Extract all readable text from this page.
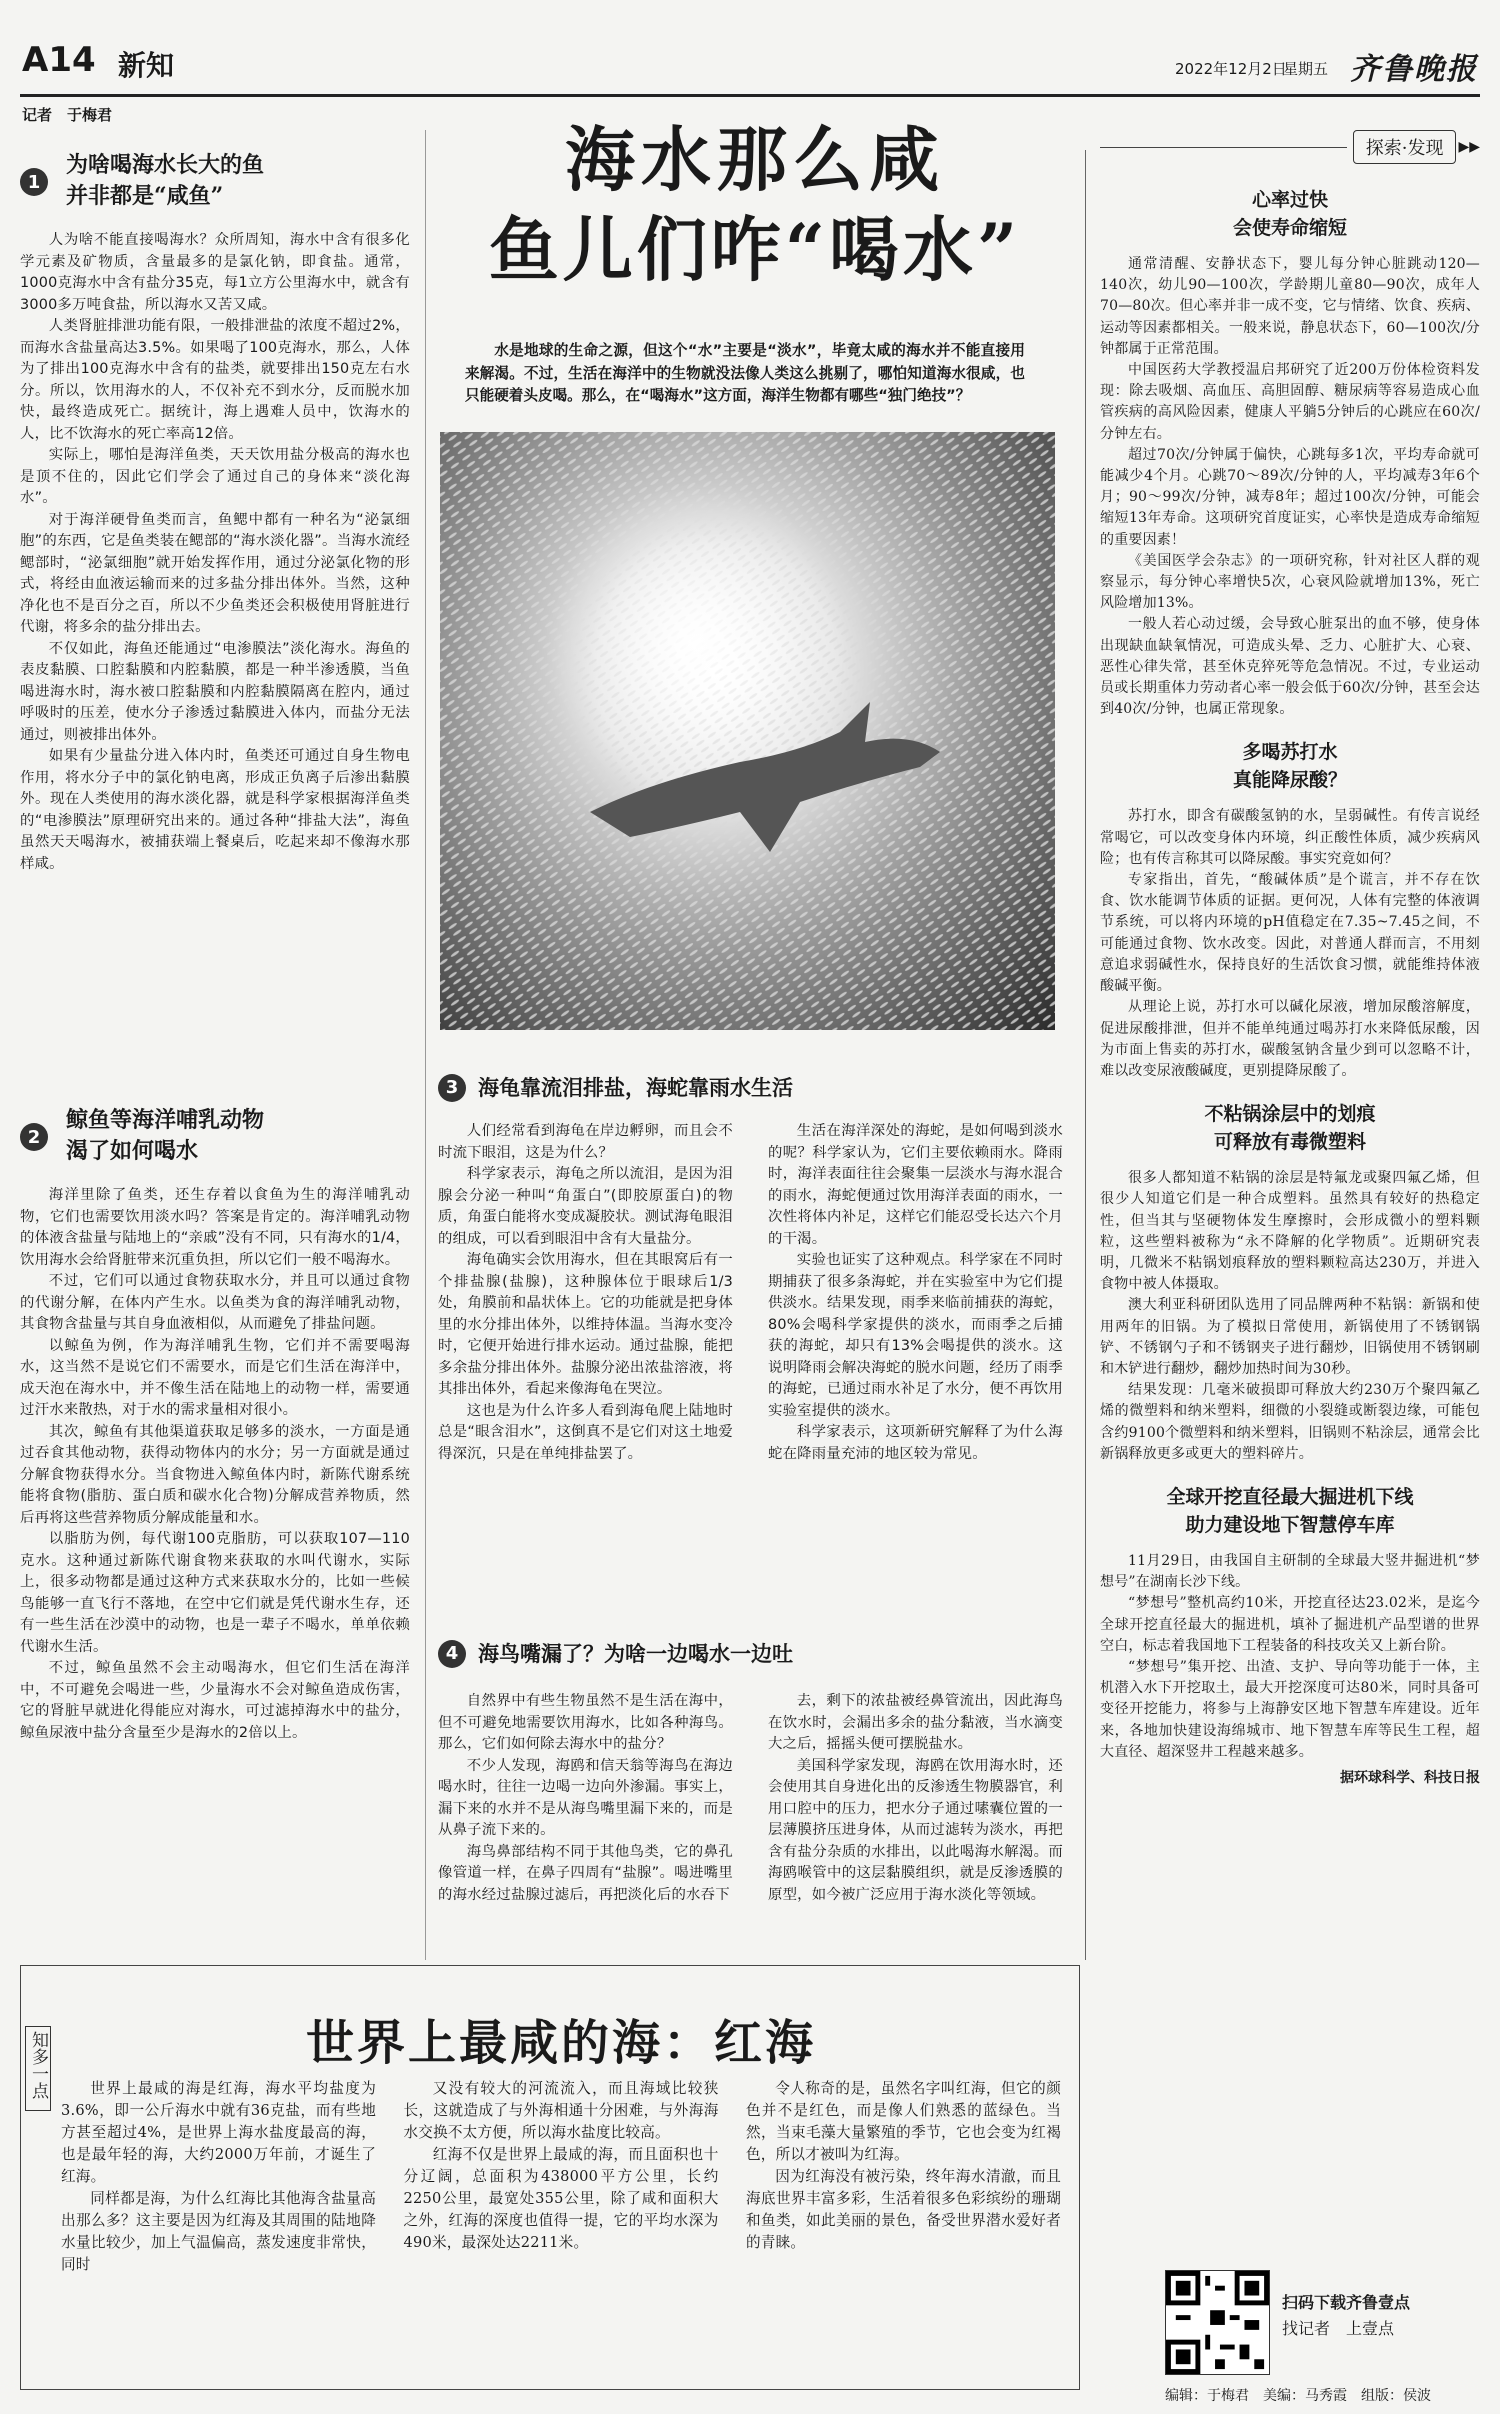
A14 新知	2022年12月2日
星期五 齐鲁晚报
记者　于梅君
1
为啥喝海水长大的鱼
并非都是“咸鱼”

人为啥不能直接喝海水？众所周知，海水中含有很多化学元素及矿物质，含量最多的是氯化钠，即食盐。通常，1000克海水中含有盐分35克，每1立方公里海水中，就含有3000多万吨食盐，所以海水又苦又咸。

人类肾脏排泄功能有限，一般排泄盐的浓度不超过2%，而海水含盐量高达3.5%。如果喝了100克海水，那么，人体为了排出100克海水中含有的盐类，就要排出150克左右水分。所以，饮用海水的人，不仅补充不到水分，反而脱水加快，最终造成死亡。据统计，海上遇难人员中，饮海水的人，比不饮海水的死亡率高12倍。

实际上，哪怕是海洋鱼类，天天饮用盐分极高的海水也是顶不住的，因此它们学会了通过自己的身体来“淡化海水”。

对于海洋硬骨鱼类而言，鱼鳃中都有一种名为“泌氯细胞”的东西，它是鱼类装在鳃部的“海水淡化器”。当海水流经鳃部时，“泌氯细胞”就开始发挥作用，通过分泌氯化物的形式，将经由血液运输而来的过多盐分排出体外。当然，这种净化也不是百分之百，所以不少鱼类还会积极使用肾脏进行代谢，将多余的盐分排出去。

不仅如此，海鱼还能通过“电渗膜法”淡化海水。海鱼的表皮黏膜、口腔黏膜和内腔黏膜，都是一种半渗透膜，当鱼喝进海水时，海水被口腔黏膜和内腔黏膜隔离在腔内，通过呼吸时的压差，使水分子渗透过黏膜进入体内，而盐分无法通过，则被排出体外。

如果有少量盐分进入体内时，鱼类还可通过自身生物电作用，将水分子中的氯化钠电离，形成正负离子后渗出黏膜外。现在人类使用的海水淡化器，就是科学家根据海洋鱼类的“电渗膜法”原理研究出来的。通过各种“排盐大法”，海鱼虽然天天喝海水，被捕获端上餐桌后，吃起来却不像海水那样咸。

2
鲸鱼等海洋哺乳动物
渴了如何喝水

海洋里除了鱼类，还生存着以食鱼为生的海洋哺乳动物，它们也需要饮用淡水吗？答案是肯定的。海洋哺乳动物的体液含盐量与陆地上的“亲戚”没有不同，只有海水的1/4，饮用海水会给肾脏带来沉重负担，所以它们一般不喝海水。

不过，它们可以通过食物获取水分，并且可以通过食物的代谢分解，在体内产生水。以鱼类为食的海洋哺乳动物，其食物含盐量与其自身血液相似，从而避免了排盐问题。

以鲸鱼为例，作为海洋哺乳生物，它们并不需要喝海水，这当然不是说它们不需要水，而是它们生活在海洋中，成天泡在海水中，并不像生活在陆地上的动物一样，需要通过汗水来散热，对于水的需求量相对很小。

其次，鲸鱼有其他渠道获取足够多的淡水，一方面是通过吞食其他动物，获得动物体内的水分；另一方面就是通过分解食物获得水分。当食物进入鲸鱼体内时，新陈代谢系统能将食物(脂肪、蛋白质和碳水化合物)分解成营养物质，然后再将这些营养物质分解成能量和水。

以脂肪为例，每代谢100克脂肪，可以获取107—110克水。这种通过新陈代谢食物来获取的水叫代谢水，实际上，很多动物都是通过这种方式来获取水分的，比如一些候鸟能够一直飞行不落地，在空中它们就是凭代谢水生存，还有一些生活在沙漠中的动物，也是一辈子不喝水，单单依赖代谢水生活。

不过，鲸鱼虽然不会主动喝海水，但它们生活在海洋中，不可避免会喝进一些，少量海水不会对鲸鱼造成伤害，它的肾脏早就进化得能应对海水，可过滤掉海水中的盐分，鲸鱼尿液中盐分含量至少是海水的2倍以上。

海水那么咸
鱼儿们咋“喝水”

水是地球的生命之源，但这个“水”主要是“淡水”，毕竟太咸的海水并不能直接用来解渴。不过，生活在海洋中的生物就没法像人类这么挑剔了，哪怕知道海水很咸，也只能硬着头皮喝。那么，在“喝海水”这方面，海洋生物都有哪些“独门绝技”？

3 海龟靠流泪排盐，海蛇靠雨水生活

人们经常看到海龟在岸边孵卵，而且会不时流下眼泪，这是为什么？

科学家表示，海龟之所以流泪，是因为泪腺会分泌一种叫“角蛋白”(即胶原蛋白)的物质，角蛋白能将水变成凝胶状。测试海龟眼泪的组成，可以看到眼泪中含有大量盐分。

海龟确实会饮用海水，但在其眼窝后有一个排盐腺(盐腺)，这种腺体位于眼球后1/3处，角膜前和晶状体上。它的功能就是把身体里的水分排出体外，以维持体温。当海水变冷时，它便开始进行排水运动。通过盐腺，能把多余盐分排出体外。盐腺分泌出浓盐溶液，将其排出体外，看起来像海龟在哭泣。

这也是为什么许多人看到海龟爬上陆地时总是“眼含泪水”，这倒真不是它们对这土地爱得深沉，只是在单纯排盐罢了。

生活在海洋深处的海蛇，是如何喝到淡水的呢？科学家认为，它们主要依赖雨水。降雨时，海洋表面往往会聚集一层淡水与海水混合的雨水，海蛇便通过饮用海洋表面的雨水，一次性将体内补足，这样它们能忍受长达六个月的干渴。

实验也证实了这种观点。科学家在不同时期捕获了很多条海蛇，并在实验室中为它们提供淡水。结果发现，雨季来临前捕获的海蛇，80%会喝科学家提供的淡水，而雨季之后捕获的海蛇，却只有13%会喝提供的淡水。这说明降雨会解决海蛇的脱水问题，经历了雨季的海蛇，已通过雨水补足了水分，便不再饮用实验室提供的淡水。

科学家表示，这项新研究解释了为什么海蛇在降雨量充沛的地区较为常见。

4 海鸟嘴漏了？为啥一边喝水一边吐

自然界中有些生物虽然不是生活在海中，但不可避免地需要饮用海水，比如各种海鸟。那么，它们如何除去海水中的盐分？

不少人发现，海鸥和信天翁等海鸟在海边喝水时，往往一边喝一边向外渗漏。事实上，漏下来的水并不是从海鸟嘴里漏下来的，而是从鼻子流下来的。

海鸟鼻部结构不同于其他鸟类，它的鼻孔像管道一样，在鼻子四周有“盐腺”。喝进嘴里的海水经过盐腺过滤后，再把淡化后的水吞下

去，剩下的浓盐被经鼻管流出，因此海鸟在饮水时，会漏出多余的盐分黏液，当水滴变大之后，摇摇头便可摆脱盐水。

美国科学家发现，海鸥在饮用海水时，还会使用其自身进化出的反渗透生物膜器官，利用口腔中的压力，把水分子通过嗉囊位置的一层薄膜挤压进身体，从而过滤转为淡水，再把含有盐分杂质的水排出，以此喝海水解渴。而海鸥喉管中的这层黏膜组织，就是反渗透膜的原型，如今被广泛应用于海水淡化等领域。

探索·发现	▶▶
心率过快
会使寿命缩短

通常清醒、安静状态下，婴儿每分钟心脏跳动120—140次，幼儿90—100次，学龄期儿童80—90次，成年人70—80次。但心率并非一成不变，它与情绪、饮食、疾病、运动等因素都相关。一般来说，静息状态下，60—100次/分钟都属于正常范围。

中国医药大学教授温启邦研究了近200万份体检资料发现：除去吸烟、高血压、高胆固醇、糖尿病等容易造成心血管疾病的高风险因素，健康人平躺5分钟后的心跳应在60次/分钟左右。

超过70次/分钟属于偏快，心跳每多1次，平均寿命就可能减少4个月。心跳70～89次/分钟的人，平均减寿3年6个月；90～99次/分钟，减寿8年；超过100次/分钟，可能会缩短13年寿命。这项研究首度证实，心率快是造成寿命缩短的重要因素！

《美国医学会杂志》的一项研究称，针对社区人群的观察显示，每分钟心率增快5次，心衰风险就增加13%，死亡风险增加13%。

一般人若心动过缓，会导致心脏泵出的血不够，使身体出现缺血缺氧情况，可造成头晕、乏力、心脏扩大、心衰、恶性心律失常，甚至休克猝死等危急情况。不过，专业运动员或长期重体力劳动者心率一般会低于60次/分钟，甚至会达到40次/分钟，也属正常现象。

多喝苏打水
真能降尿酸？

苏打水，即含有碳酸氢钠的水，呈弱碱性。有传言说经常喝它，可以改变身体内环境，纠正酸性体质，减少疾病风险；也有传言称其可以降尿酸。事实究竟如何？

专家指出，首先，“酸碱体质”是个谎言，并不存在饮食、饮水能调节体质的证据。更何况，人体有完整的体液调节系统，可以将内环境的pH值稳定在7.35~7.45之间，不可能通过食物、饮水改变。因此，对普通人群而言，不用刻意追求弱碱性水，保持良好的生活饮食习惯，就能维持体液酸碱平衡。

从理论上说，苏打水可以碱化尿液，增加尿酸溶解度，促进尿酸排泄，但并不能单纯通过喝苏打水来降低尿酸，因为市面上售卖的苏打水，碳酸氢钠含量少到可以忽略不计，难以改变尿液酸碱度，更别提降尿酸了。

不粘锅涂层中的划痕
可释放有毒微塑料

很多人都知道不粘锅的涂层是特氟龙或聚四氟乙烯，但很少人知道它们是一种合成塑料。虽然具有较好的热稳定性，但当其与坚硬物体发生摩擦时，会形成微小的塑料颗粒，这些塑料被称为“永不降解的化学物质”。近期研究表明，几微米不粘锅划痕释放的塑料颗粒高达230万，并进入食物中被人体摄取。

澳大利亚科研团队选用了同品牌两种不粘锅：新锅和使用两年的旧锅。为了模拟日常使用，新锅使用了不锈钢锅铲、不锈钢勺子和不锈钢夹子进行翻炒，旧锅使用不锈钢刷和木铲进行翻炒，翻炒加热时间为30秒。

结果发现：几毫米破损即可释放大约230万个聚四氟乙烯的微塑料和纳米塑料，细微的小裂缝或断裂边缘，可能包含约9100个微塑料和纳米塑料，旧锅则不粘涂层，通常会比新锅释放更多或更大的塑料碎片。

全球开挖直径最大掘进机下线
助力建设地下智慧停车库

11月29日，由我国自主研制的全球最大竖井掘进机“梦想号”在湖南长沙下线。

“梦想号”整机高约10米，开挖直径达23.02米，是迄今全球开挖直径最大的掘进机，填补了掘进机产品型谱的世界空白，标志着我国地下工程装备的科技攻关又上新台阶。

“梦想号”集开挖、出渣、支护、导向等功能于一体，主机潜入水下开挖取土，最大开挖深度可达80米，同时具备可变径开挖能力，将参与上海静安区地下智慧车库建设。近年来，各地加快建设海绵城市、地下智慧车库等民生工程，超大直径、超深竖井工程越来越多。

据环球科学、科技日报
知多一点	世界上最咸的海：红海

世界上最咸的海是红海，海水平均盐度为3.6%，即一公斤海水中就有36克盐，而有些地方甚至超过4%，是世界上海水盐度最高的海，也是最年轻的海，大约2000万年前，才诞生了红海。

同样都是海，为什么红海比其他海含盐量高出那么多？这主要是因为红海及其周围的陆地降水量比较少，加上气温偏高，蒸发速度非常快，同时

又没有较大的河流流入，而且海域比较狭长，这就造成了与外海相通十分困难，与外海海水交换不太方便，所以海水盐度比较高。

红海不仅是世界上最咸的海，而且面积也十分辽阔，总面积为438000平方公里，长约2250公里，最宽处355公里，除了咸和面积大之外，红海的深度也值得一提，它的平均水深为490米，最深处达2211米。

令人称奇的是，虽然名字叫红海，但它的颜色并不是红色，而是像人们熟悉的蓝绿色。当然，当束毛藻大量繁殖的季节，它也会变为红褐色，所以才被叫为红海。

因为红海没有被污染，终年海水清澈，而且海底世界丰富多彩，生活着很多色彩缤纷的珊瑚和鱼类，如此美丽的景色，备受世界潜水爱好者的青睐。

扫码下载齐鲁壹点
找记者　上壹点
编辑：于梅君　美编：马秀霞　组版：侯波
